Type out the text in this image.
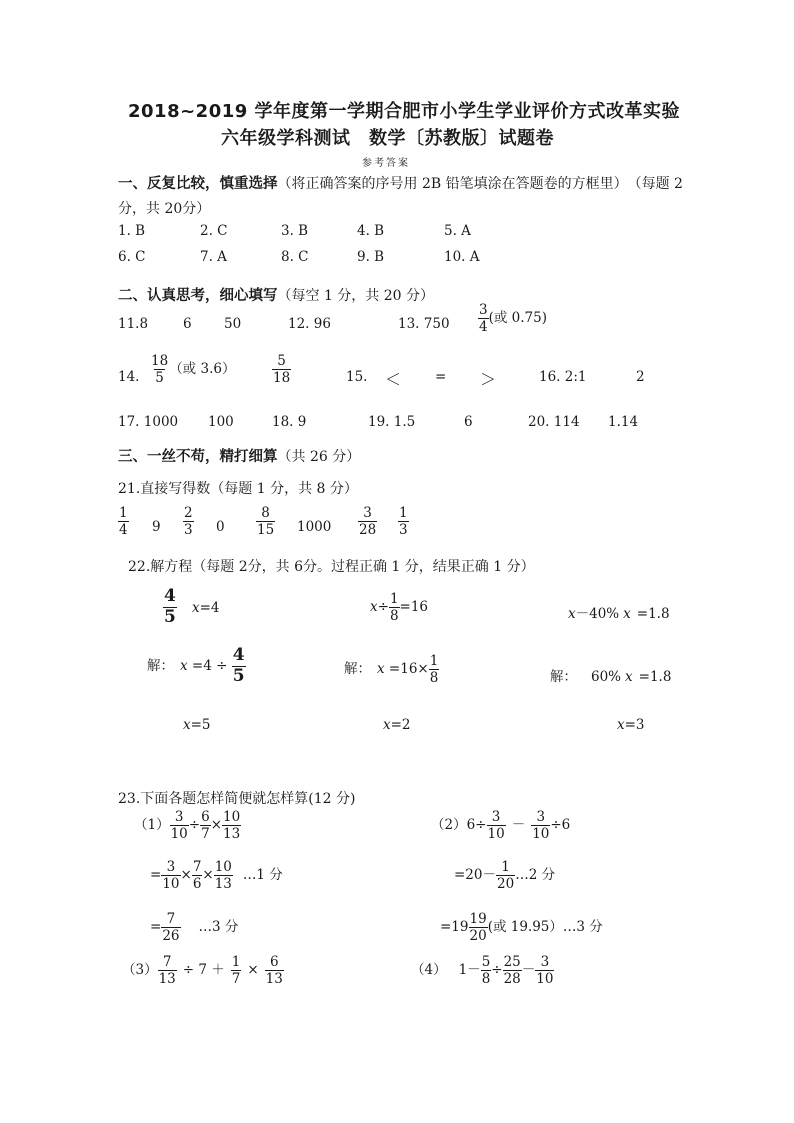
2018~2019 学年度第一学期合肥市小学生学业评价方式改革实验
六年级学科测试　数学〔苏教版〕试题卷
参考答案
一、反复比较，慎重选择（将正确答案的序号用 2B 铅笔填涂在答题卷的方框里）　（每题 2
分，共 20分）
1. B	2. C	3. B	4. B	5. A
6. C	7. A	8. C	9. B	10. A
二、认真思考，细心填写（每空 1 分，共 20 分）
11.8	6 50	12. 96	13. $750 \frac{3}{4}$ (或 0.75)
14. $\frac{18}{5}$ （或 3.6）	$\frac{5}{18}$	15. ＜	= ＞	16. 2:1	2
17. 1000 100	18. 9	19. 1.5	6	20. 114 1.14
三、一丝不苟，精打细算（共 26 分）
21.直接写得数（每题 1 分，共 8 分）
$\frac{1}{4} 9 \frac{2}{3} 0 \frac{8}{15} 1000 \frac{3}{28} \frac{1}{3}$
22.解方程（每题 2分，共 6分。过程正确 1 分，结果正确 1 分）
$\frac{4}{5} x=4$
解： $x =4 \div \frac{4}{5}$
x=5
$x\div \frac{1}{8} =16$
解： $x =16\times \frac{1}{8}$
x=2
x－40% x =1.8
解： 60% x =1.8
x=3
23.下面各题怎样简便就怎样算(12 分)
$(1) \frac{3}{10} \div \frac{6}{7} \times \frac{10}{13}$
= $\frac{3}{10} \times \frac{7}{6} \times \frac{10}{13}$ …1 分
= $\frac{7}{26}$ …3 分
$(2)6\div \frac{3}{10} - \frac{3}{10} \div 6$
$=20- \frac{1}{20}$ …2 分
$=19 \frac{19}{20}$ (或 19.95）…3 分
$(3) \frac{7}{13} \div 7 + \frac{1}{7} \times \frac{6}{13}$	（4） $1- \frac{5}{8} \div \frac{25}{28} - \frac{3}{10}$
